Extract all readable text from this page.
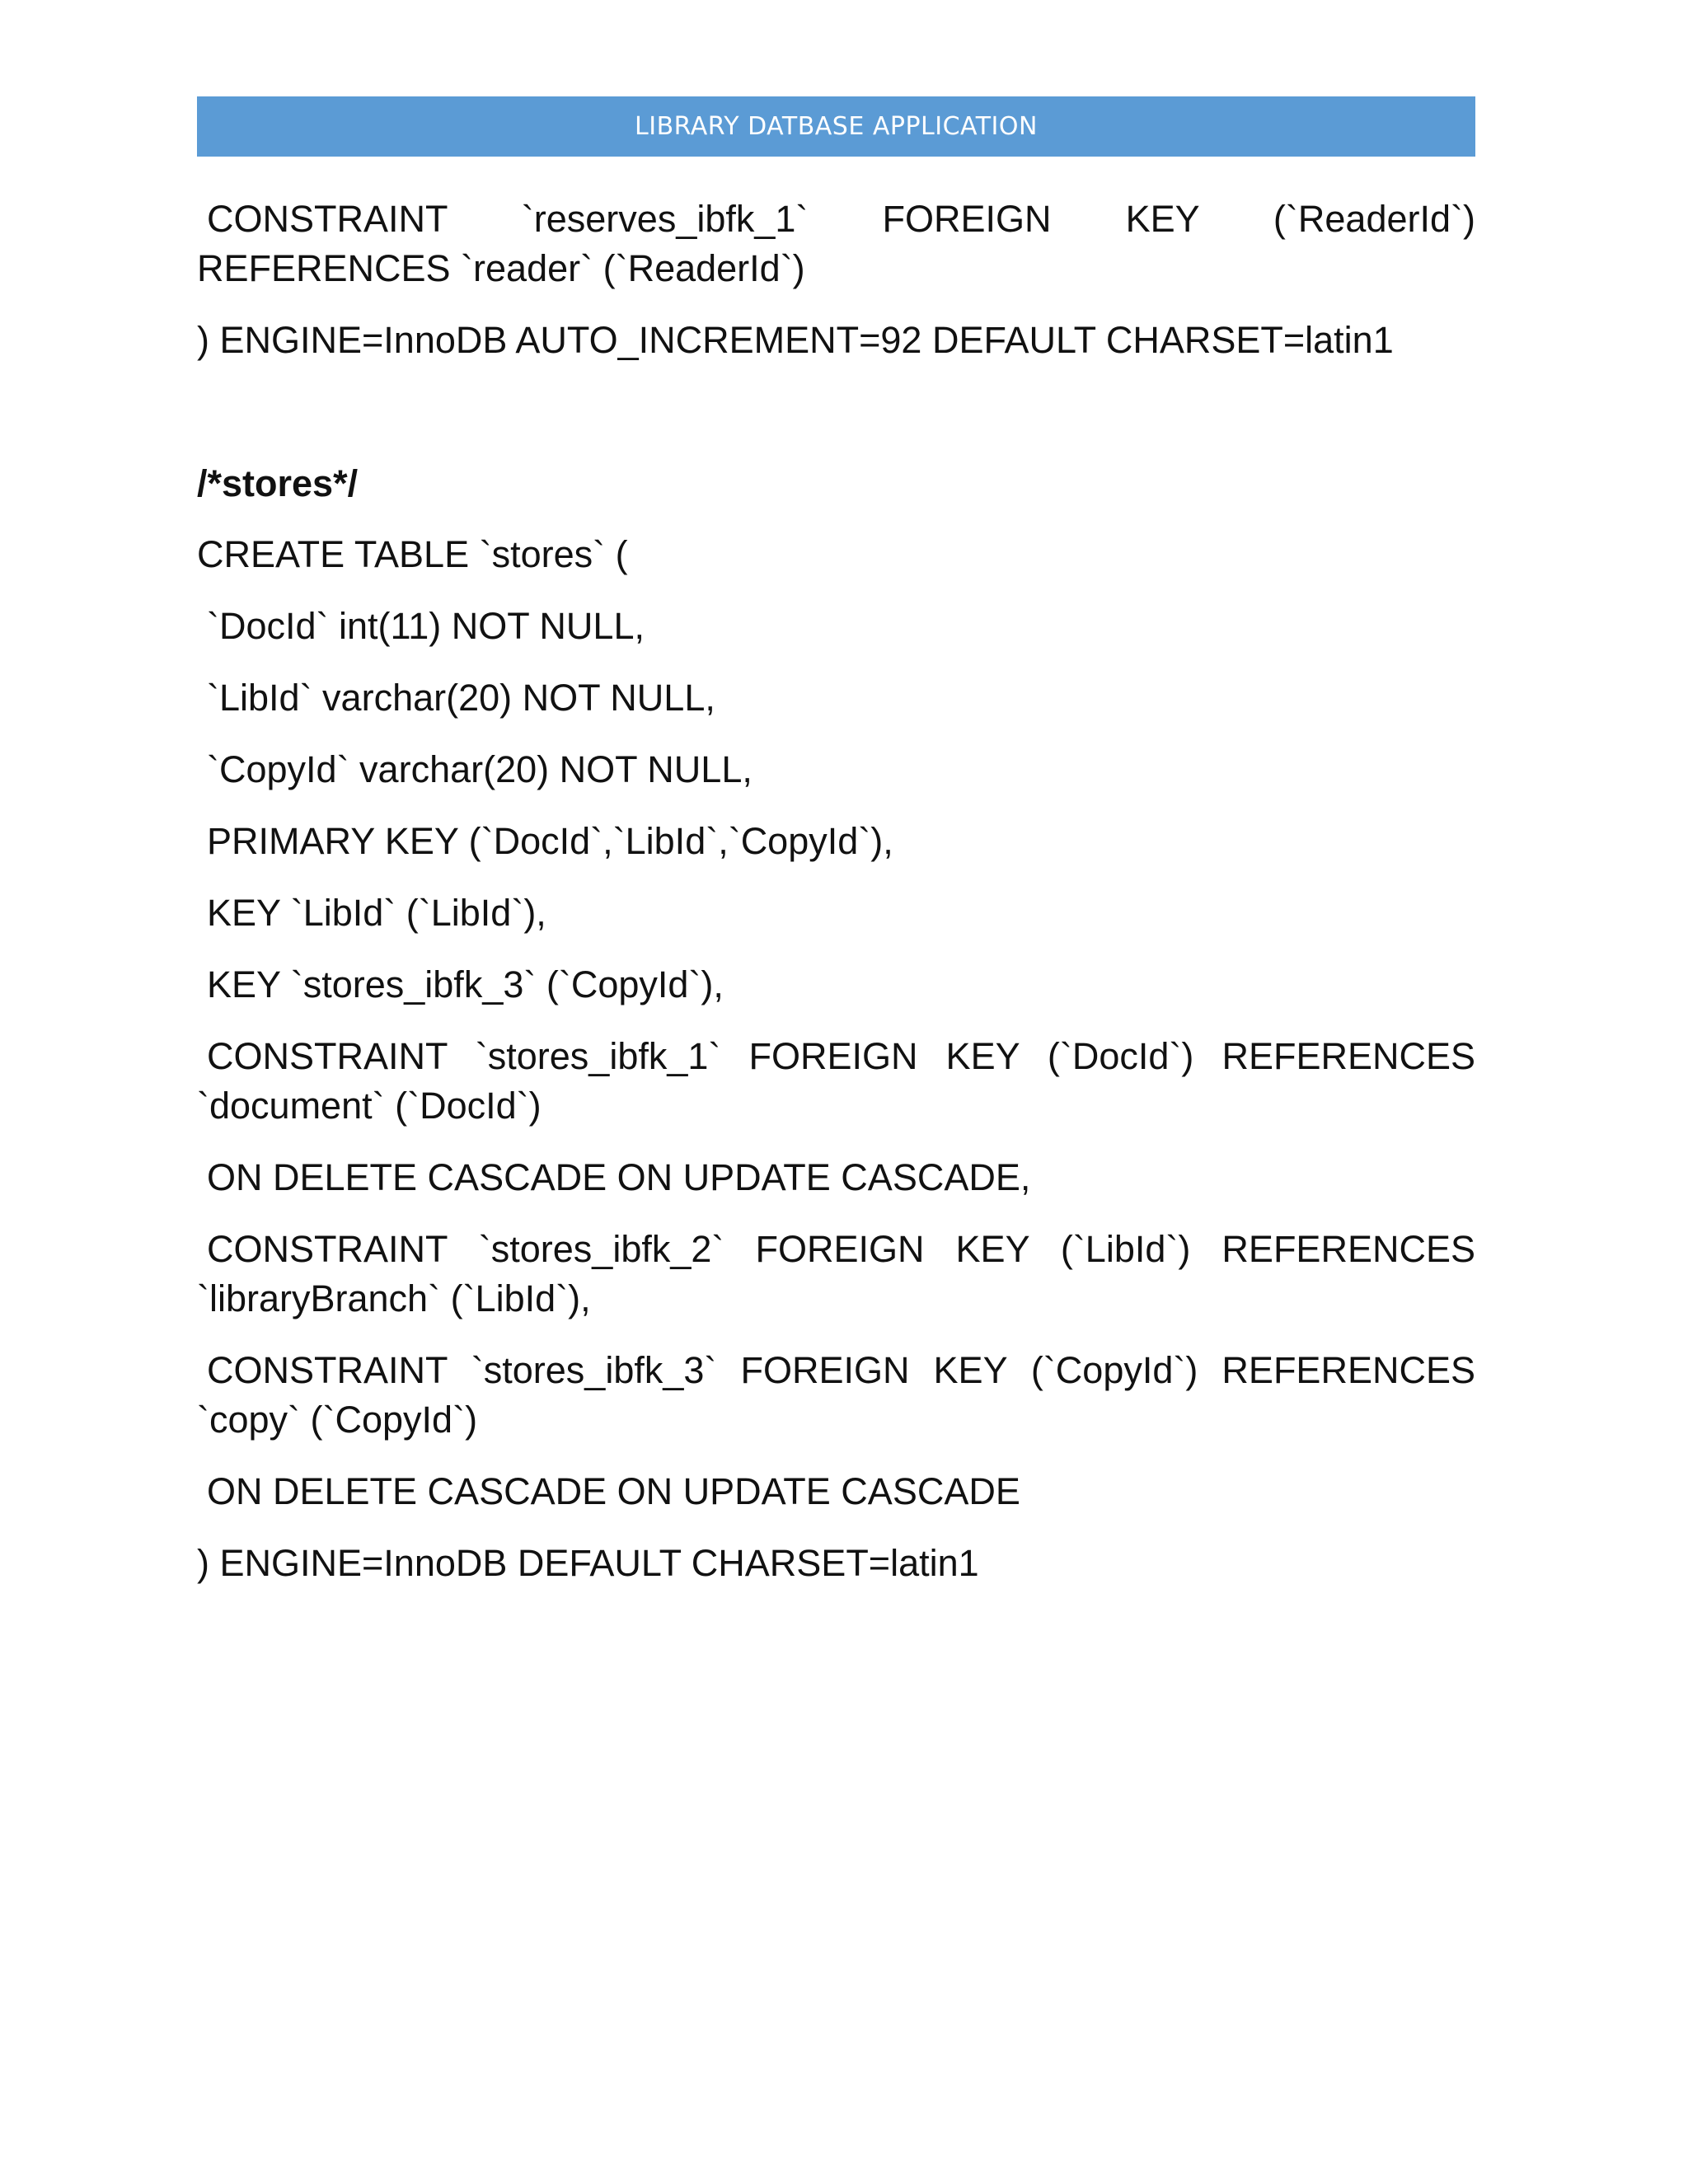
LIBRARY DATBASE APPLICATION

CONSTRAINT `reserves_ibfk_1` FOREIGN KEY (`ReaderId`) REFERENCES `reader` (`ReaderId`)

) ENGINE=InnoDB AUTO_INCREMENT=92 DEFAULT CHARSET=latin1

/*stores*/

CREATE TABLE `stores` (

`DocId` int(11) NOT NULL,

`LibId` varchar(20) NOT NULL,

`CopyId` varchar(20) NOT NULL,

PRIMARY KEY (`DocId`,`LibId`,`CopyId`),

KEY `LibId` (`LibId`),

KEY `stores_ibfk_3` (`CopyId`),

CONSTRAINT `stores_ibfk_1` FOREIGN KEY (`DocId`) REFERENCES `document` (`DocId`)

ON DELETE CASCADE ON UPDATE CASCADE,

CONSTRAINT `stores_ibfk_2` FOREIGN KEY (`LibId`) REFERENCES `libraryBranch` (`LibId`),

CONSTRAINT `stores_ibfk_3` FOREIGN KEY (`CopyId`) REFERENCES `copy` (`CopyId`)

ON DELETE CASCADE ON UPDATE CASCADE

) ENGINE=InnoDB DEFAULT CHARSET=latin1
